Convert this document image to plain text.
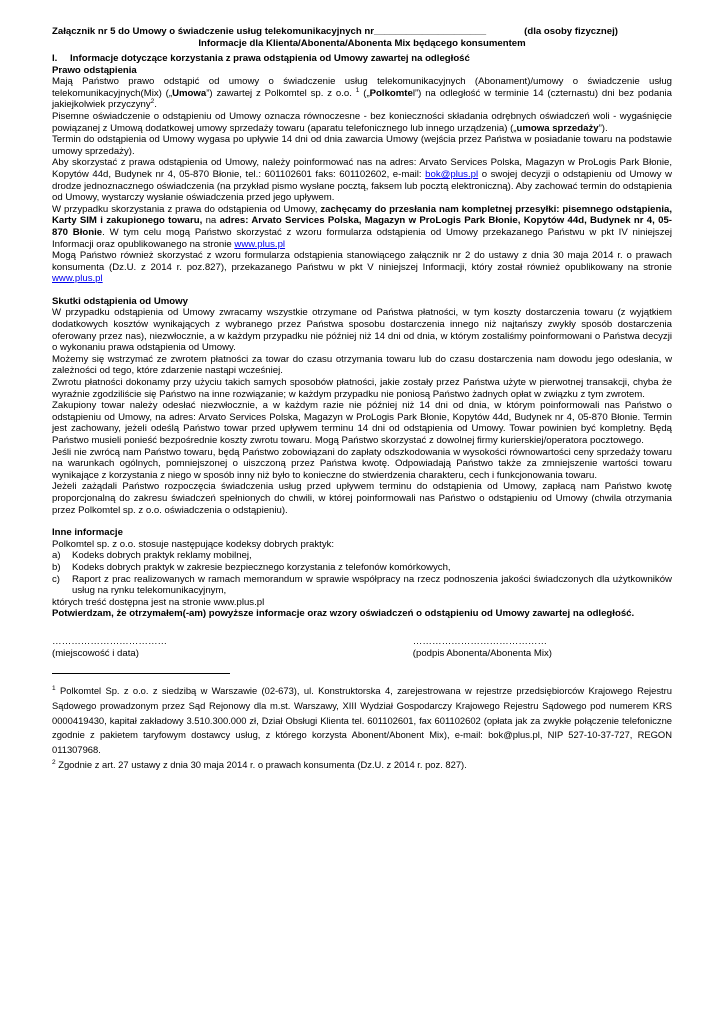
Załącznik nr 5 do Umowy o świadczenie usług telekomunikacyjnych nr_____________________	(dla osoby fizycznej)
Informacje dla Klienta/Abonenta/Abonenta Mix będącego konsumentem
I. Informacje dotyczące korzystania z prawa odstąpienia od Umowy zawartej na odległość
Prawo odstąpienia

Mają Państwo prawo odstąpić od umowy o świadczenie usług telekomunikacyjnych (Abonament)/umowy o świadczenie usług telekomunikacyjnych(Mix) („Umowa”) zawartej z Polkomtel sp. z o.o. $^1$ („Polkomtel”) na odległość w terminie 14 (czternastu) dni bez podania jakiejkolwiek przyczyny$^2$.

Pisemne oświadczenie o odstąpieniu od Umowy oznacza równoczesne - bez konieczności składania odrębnych oświadczeń woli - wygaśnięcie powiązanej z Umową dodatkowej umowy sprzedaży towaru (aparatu telefonicznego lub innego urządzenia) („umowa sprzedaży”).

Termin do odstąpienia od Umowy wygasa po upływie 14 dni od dnia zawarcia Umowy (wejścia przez Państwa w posiadanie towaru na podstawie umowy sprzedaży).

Aby skorzystać z prawa odstąpienia od Umowy, należy poinformować nas na adres: Arvato Services Polska, Magazyn w ProLogis Park Błonie, Kopytów 44d, Budynek nr 4, 05-870 Błonie, tel.: 601102601 faks: 601102602, e-mail: bok@plus.pl o swojej decyzji o odstąpieniu od Umowy w drodze jednoznacznego oświadczenia (na przykład pismo wysłane pocztą, faksem lub pocztą elektroniczną). Aby zachować termin do odstąpienia od Umowy, wystarczy wysłanie oświadczenia przed jego upływem.

W przypadku skorzystania z prawa do odstąpienia od Umowy, zachęcamy do przesłania nam kompletnej przesyłki: pisemnego odstąpienia, Karty SIM i zakupionego towaru, na adres: Arvato Services Polska, Magazyn w ProLogis Park Błonie, Kopytów 44d, Budynek nr 4, 05-870 Błonie. W tym celu mogą Państwo skorzystać z wzoru formularza odstąpienia od Umowy przekazanego Państwu w pkt IV niniejszej Informacji oraz opublikowanego na stronie www.plus.pl

Mogą Państwo również skorzystać z wzoru formularza odstąpienia stanowiącego załącznik nr 2 do ustawy z dnia 30 maja 2014 r. o prawach konsumenta (Dz.U. z 2014 r. poz.827), przekazanego Państwu w pkt V niniejszej Informacji, który został również opublikowany na stronie www.plus.pl

Skutki odstąpienia od Umowy

W przypadku odstąpienia od Umowy zwracamy wszystkie otrzymane od Państwa płatności, w tym koszty dostarczenia towaru (z wyjątkiem dodatkowych kosztów wynikających z wybranego przez Państwa sposobu dostarczenia innego niż najtańszy zwykły sposób dostarczenia oferowany przez nas), niezwłocznie, a w każdym przypadku nie później niż 14 dni od dnia, w którym zostaliśmy poinformowani o Państwa decyzji o wykonaniu prawa odstąpienia od Umowy.

Możemy się wstrzymać ze zwrotem płatności za towar do czasu otrzymania towaru lub do czasu dostarczenia nam dowodu jego odesłania, w zależności od tego, które zdarzenie nastąpi wcześniej.

Zwrotu płatności dokonamy przy użyciu takich samych sposobów płatności, jakie zostały przez Państwa użyte w pierwotnej transakcji, chyba że wyraźnie zgodziliście się Państwo na inne rozwiązanie; w każdym przypadku nie poniosą Państwo żadnych opłat w związku z tym zwrotem.

Zakupiony towar należy odesłać niezwłocznie, a w każdym razie nie później niż 14 dni od dnia, w którym poinformowali nas Państwo o odstąpieniu od Umowy, na adres: Arvato Services Polska, Magazyn w ProLogis Park Błonie, Kopytów 44d, Budynek nr 4, 05-870 Błonie. Termin jest zachowany, jeżeli odeślą Państwo towar przed upływem terminu 14 dni od odstąpienia od Umowy. Towar powinien być kompletny. Będą Państwo musieli ponieść bezpośrednie koszty zwrotu towaru. Mogą Państwo skorzystać z dowolnej firmy kurierskiej/operatora pocztowego.

Jeśli nie zwrócą nam Państwo towaru, będą Państwo zobowiązani do zapłaty odszkodowania w wysokości równowartości ceny sprzedaży towaru na warunkach ogólnych, pomniejszonej o uiszczoną przez Państwa kwotę. Odpowiadają Państwo także za zmniejszenie wartości towaru wynikające z korzystania z niego w sposób inny niż było to konieczne do stwierdzenia charakteru, cech i funkcjonowania towaru.

Jeżeli zażądali Państwo rozpoczęcia świadczenia usług przed upływem terminu do odstąpienia od Umowy, zapłacą nam Państwo kwotę proporcjonalną do zakresu świadczeń spełnionych do chwili, w której poinformowali nas Państwo o odstąpieniu od Umowy (chwila otrzymania przez Polkomtel sp. z o.o. oświadczenia o odstąpieniu).

Inne informacje

Polkomtel sp. z o.o. stosuje następujące kodeksy dobrych praktyk:

a)	Kodeks dobrych praktyk reklamy mobilnej,
b)	Kodeks dobrych praktyk w zakresie bezpiecznego korzystania z telefonów komórkowych,
c)	Raport z prac realizowanych w ramach memorandum w sprawie współpracy na rzecz podnoszenia jakości świadczonych dla użytkowników usług na rynku telekomunikacyjnym,

których treść dostępna jest na stronie www.plus.pl

Potwierdzam, że otrzymałem(-am) powyższe informacje oraz wzory oświadczeń o odstąpieniu od Umowy zawartej na odległość.

………………………………
(miejscowość i data)
……………………………………
(podpis Abonenta/Abonenta Mix)

$^1$ Polkomtel Sp. z o.o. z siedzibą w Warszawie (02-673), ul. Konstruktorska 4, zarejestrowana w rejestrze przedsiębiorców Krajowego Rejestru Sądowego prowadzonym przez Sąd Rejonowy dla m.st. Warszawy, XIII Wydział Gospodarczy Krajowego Rejestru Sądowego pod numerem KRS 0000419430, kapitał zakładowy 3.510.300.000 zł, Dział Obsługi Klienta tel. 601102601, fax 601102602 (opłata jak za zwykłe połączenie telefoniczne zgodnie z pakietem taryfowym dostawcy usług, z którego korzysta Abonent/Abonent Mix), e-mail: bok@plus.pl, NIP 527-10-37-727, REGON 011307968.

$^2$ Zgodnie z art. 27 ustawy z dnia 30 maja 2014 r. o prawach konsumenta (Dz.U. z 2014 r. poz. 827).
